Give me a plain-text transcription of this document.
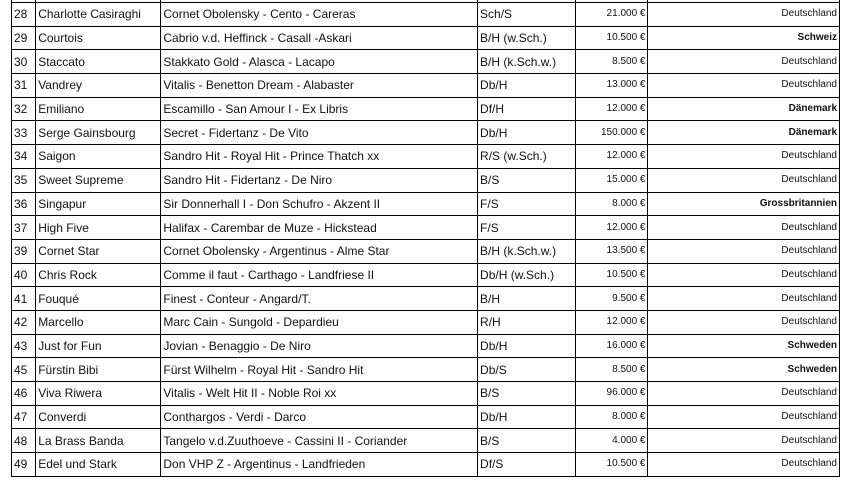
28	Charlotte Casiraghi	Cornet Obolensky - Cento - Careras	Sch/S	21.000 €	Deutschland
29	Courtois	Cabrio v.d. Heffinck - Casall -Askari	B/H (w.Sch.)	10.500 €	Schweiz
30	Staccato	Stakkato Gold - Alasca - Lacapo	B/H (k.Sch.w.)	8.500 €	Deutschland
31	Vandrey	Vitalis - Benetton Dream - Alabaster	Db/H	13.000 €	Deutschland
32	Emiliano	Escamillo - San Amour I - Ex Libris	Df/H	12.000 €	Dänemark
33	Serge Gainsbourg	Secret - Fidertanz - De Vito	Db/H	150.000 €	Dänemark
34	Saigon	Sandro Hit - Royal Hit - Prince Thatch xx	R/S (w.Sch.)	12.000 €	Deutschland
35	Sweet Supreme	Sandro Hit - Fidertanz - De Niro	B/S	15.000 €	Deutschland
36	Singapur	Sir Donnerhall I - Don Schufro - Akzent II	F/S	8.000 €	Grossbritannien
37	High Five	Halifax - Carembar de Muze - Hickstead	F/S	12.000 €	Deutschland
39	Cornet Star	Cornet Obolensky - Argentinus - Alme Star	B/H (k.Sch.w.)	13.500 €	Deutschland
40	Chris Rock	Comme il faut - Carthago - Landfriese II	Db/H (w.Sch.)	10.500 €	Deutschland
41	Fouqué	Finest - Conteur - Angard/T.	B/H	9.500 €	Deutschland
42	Marcello	Marc Cain - Sungold - Depardieu	R/H	12.000 €	Deutschland
43	Just for Fun	Jovian - Benaggio - De Niro	Db/H	16.000 €	Schweden
45	Fürstin Bibi	Fürst Wilhelm - Royal Hit - Sandro Hit	Db/S	8.500 €	Schweden
46	Viva Riwera	Vitalis - Welt Hit II - Noble Roi xx	B/S	96.000 €	Deutschland
47	Converdi	Conthargos - Verdi - Darco	Db/H	8.000 €	Deutschland
48	La Brass Banda	Tangelo v.d.Zuuthoeve - Cassini II - Coriander	B/S	4.000 €	Deutschland
49	Edel und Stark	Don VHP Z - Argentinus - Landfrieden	Df/S	10.500 €	Deutschland
